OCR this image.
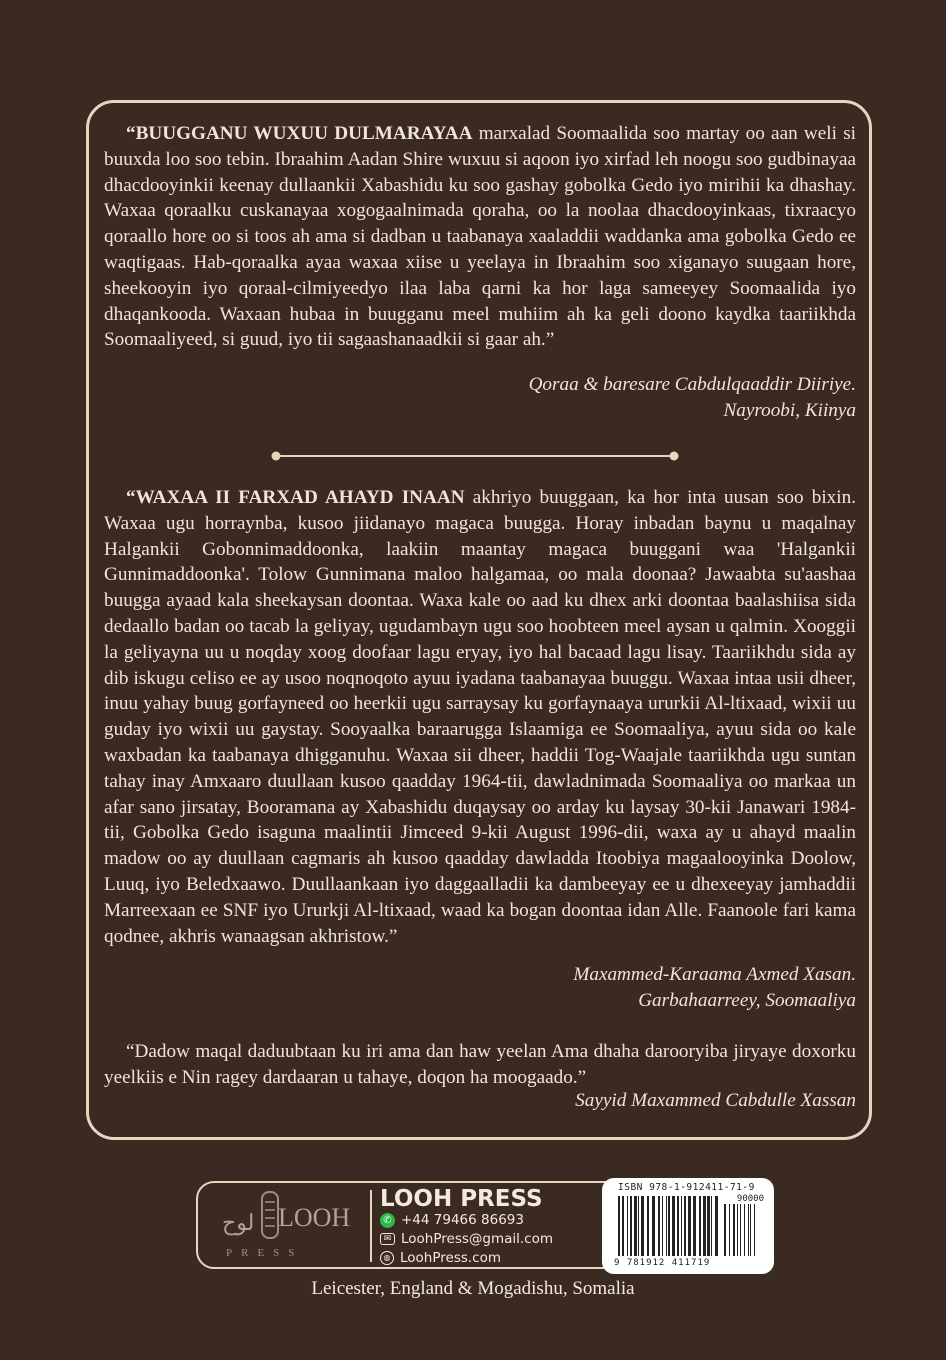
“BUUGGANU WUXUU DULMARAYAA marxalad Soomaalida soo martay oo aan weli si buuxda loo soo tebin. Ibraahim Aadan Shire wuxuu si aqoon iyo xirfad leh noogu soo gudbinayaa dhacdooyinkii keenay dullaankii Xabashidu ku soo gashay gobolka Gedo iyo mirihii ka dhashay. Waxaa qoraalku cuskanayaa xogogaalnimada qoraha, oo la noolaa dhacdooyinkaas, tixraacyo qoraallo hore oo si toos ah ama si dadban u taabanaya xaaladdii waddanka ama gobolka Gedo ee waqtigaas. Hab-qoraalka ayaa waxaa xiise u yeelaya in Ibraahim soo xiganayo suugaan hore, sheekooyin iyo qoraal-cilmiyeedyo ilaa laba qarni ka hor laga sameeyey Soomaalida iyo dhaqankooda. Waxaan hubaa in buugganu meel muhiim ah ka geli doono kaydka taariikhda Soomaaliyeed, si guud, iyo tii sagaashanaadkii si gaar ah.”
Qoraa & baresare Cabdulqaaddir Diiriye.
Nayroobi, Kiinya
“WAXAA II FARXAD AHAYD INAAN akhriyo buuggaan, ka hor inta uusan soo bixin. Waxaa ugu horraynba, kusoo jiidanayo magaca buugga. Horay inbadan baynu u maqalnay Halgankii Gobonnimaddoonka, laakiin maantay magaca buuggani waa 'Halgankii Gunnimaddoonka'. Tolow Gunnimana maloo halgamaa, oo mala doonaa? Jawaabta su'aashaa buugga ayaad kala sheekaysan doontaa. Waxa kale oo aad ku dhex arki doontaa baalashiisa sida dedaallo badan oo tacab la geliyay, ugudambayn ugu soo hoobteen meel aysan u qalmin. Xooggii la geliyayna uu u noqday xoog doofaar lagu eryay, iyo hal bacaad lagu lisay. Taariikhdu sida ay dib iskugu celiso ee ay usoo noqnoqoto ayuu iyadana taabanayaa buuggu. Waxaa intaa usii dheer, inuu yahay buug gorfayneed oo heerkii ugu sarraysay ku gorfaynaaya ururkii Al-ltixaad, wixii uu guday iyo wixii uu gaystay. Sooyaalka baraarugga Islaamiga ee Soomaaliya, ayuu sida oo kale waxbadan ka taabanaya dhigganuhu. Waxaa sii dheer, haddii Tog-Waajale taariikhda ugu suntan tahay inay Amxaaro duullaan kusoo qaadday 1964-tii, dawladnimada Soomaaliya oo markaa un afar sano jirsatay, Booramana ay Xabashidu duqaysay oo arday ku laysay 30-kii Janawari 1984-tii, Gobolka Gedo isaguna maalintii Jimceed 9-kii August 1996-dii, waxa ay u ahayd maalin madow oo ay duullaan cagmaris ah kusoo qaadday dawladda Itoobiya magaalooyinka Doolow, Luuq, iyo Beledxaawo. Duullaankaan iyo daggaalladii ka dambeeyay ee u dhexeeyay jamhaddii Marreexaan ee SNF iyo Ururkji Al-ltixaad, waad ka bogan doontaa idan Alle. Faanoole fari kama qodnee, akhris wanaagsan akhristow.”
Maxammed-Karaama Axmed Xasan.
Garbahaarreey, Soomaaliya
“Dadow maqal daduubtaan ku iri ama dan haw yeelan Ama dhaha darooryiba jiryaye doxorku yeelkiis e Nin ragey dardaaran u tahaye, doqon ha moogaado.”
Sayyid Maxammed Cabdulle Xassan
لوح LOOH
PRESS
LOOH PRESS
✆ +44 79466 86693
✉ LoohPress@gmail.com
◍ LoohPress.com
ISBN 978-1-912411-71-9
90000
9 781912 411719
Leicester, England & Mogadishu, Somalia
